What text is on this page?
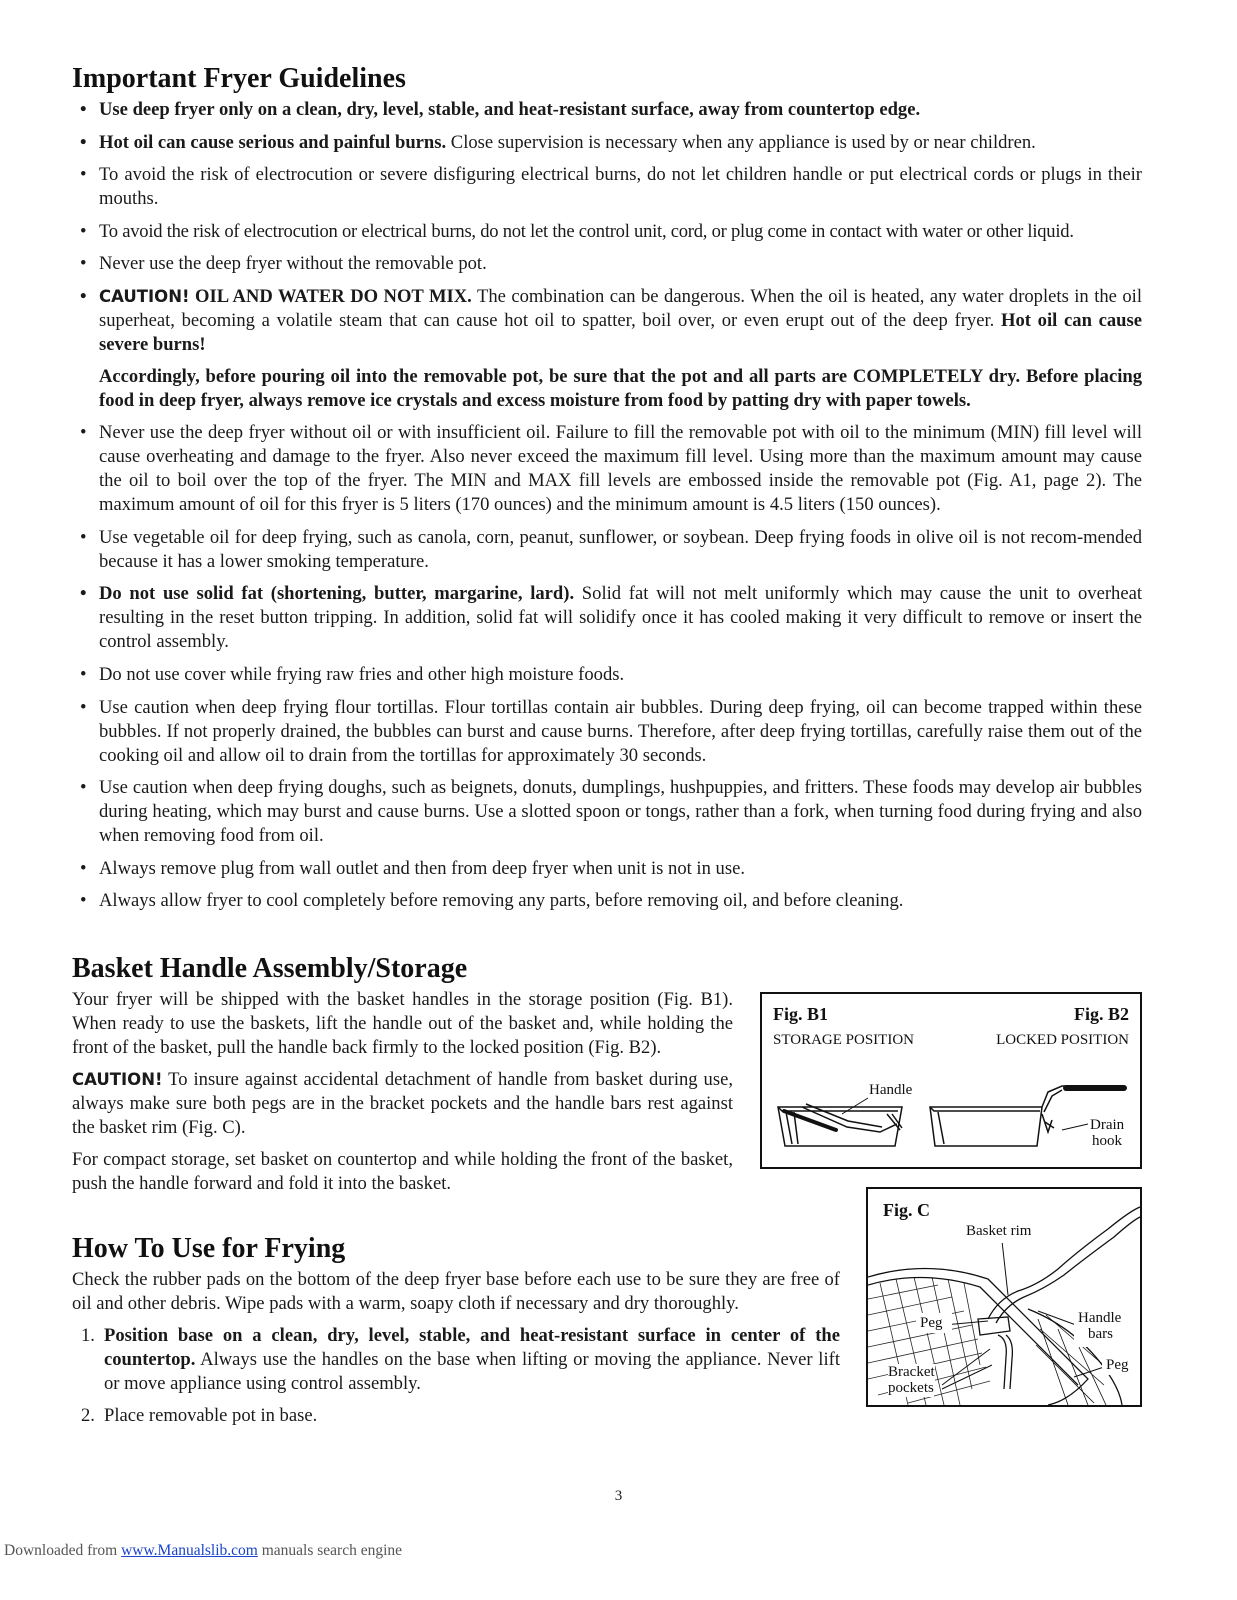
Important Fryer Guidelines
• Use deep fryer only on a clean, dry, level, stable, and heat-resistant surface, away from countertop edge.
• Hot oil can cause serious and painful burns. Close supervision is necessary when any appliance is used by or near children.
• To avoid the risk of electrocution or severe disfiguring electrical burns, do not let children handle or put electrical cords or plugs in their mouths.
• To avoid the risk of electrocution or electrical burns, do not let the control unit, cord, or plug come in contact with water or other liquid.
• Never use the deep fryer without the removable pot.
• CAUTION! OIL AND WATER DO NOT MIX. The combination can be dangerous. When the oil is heated, any water droplets in the oil superheat, becoming a volatile steam that can cause hot oil to spatter, boil over, or even erupt out of the deep fryer. Hot oil can cause severe burns!
Accordingly, before pouring oil into the removable pot, be sure that the pot and all parts are COMPLETELY dry. Before placing food in deep fryer, always remove ice crystals and excess moisture from food by patting dry with paper towels.
• Never use the deep fryer without oil or with insufficient oil. Failure to fill the removable pot with oil to the minimum (MIN) fill level will cause overheating and damage to the fryer. Also never exceed the maximum fill level. Using more than the maximum amount may cause the oil to boil over the top of the fryer. The MIN and MAX fill levels are embossed inside the removable pot (Fig. A1, page 2). The maximum amount of oil for this fryer is 5 liters (170 ounces) and the minimum amount is 4.5 liters (150 ounces).
• Use vegetable oil for deep frying, such as canola, corn, peanut, sunflower, or soybean. Deep frying foods in olive oil is not recom-mended because it has a lower smoking temperature.
• Do not use solid fat (shortening, butter, margarine, lard). Solid fat will not melt uniformly which may cause the unit to overheat resulting in the reset button tripping. In addition, solid fat will solidify once it has cooled making it very difficult to remove or insert the control assembly.
• Do not use cover while frying raw fries and other high moisture foods.
• Use caution when deep frying flour tortillas. Flour tortillas contain air bubbles. During deep frying, oil can become trapped within these bubbles. If not properly drained, the bubbles can burst and cause burns. Therefore, after deep frying tortillas, carefully raise them out of the cooking oil and allow oil to drain from the tortillas for approximately 30 seconds.
• Use caution when deep frying doughs, such as beignets, donuts, dumplings, hushpuppies, and fritters. These foods may develop air bubbles during heating, which may burst and cause burns. Use a slotted spoon or tongs, rather than a fork, when turning food during frying and also when removing food from oil.
• Always remove plug from wall outlet and then from deep fryer when unit is not in use.
• Always allow fryer to cool completely before removing any parts, before removing oil, and before cleaning.
Basket Handle Assembly/Storage

Your fryer will be shipped with the basket handles in the storage position (Fig. B1). When ready to use the baskets, lift the handle out of the basket and, while holding the front of the basket, pull the handle back firmly to the locked position (Fig. B2).

CAUTION! To insure against accidental detachment of handle from basket during use, always make sure both pegs are in the bracket pockets and the handle bars rest against the basket rim (Fig. C).

For compact storage, set basket on countertop and while holding the front of the basket, push the handle forward and fold it into the basket.

How To Use for Frying

Check the rubber pads on the bottom of the deep fryer base before each use to be sure they are free of oil and other debris. Wipe pads with a warm, soapy cloth if necessary and dry thoroughly.

1. Position base on a clean, dry, level, stable, and heat-resistant surface in center of the countertop. Always use the handles on the base when lifting or moving the appliance. Never lift or move appliance using control assembly.
2. Place removable pot in base.
Fig. B1
STORAGE POSITION
Fig. B2
LOCKED POSITION
Handle
Drain
hook
Fig. C
Basket rim
Peg	Handle
bars
Peg
Bracket
pockets
3
Downloaded from www.Manualslib.com manuals search engine
